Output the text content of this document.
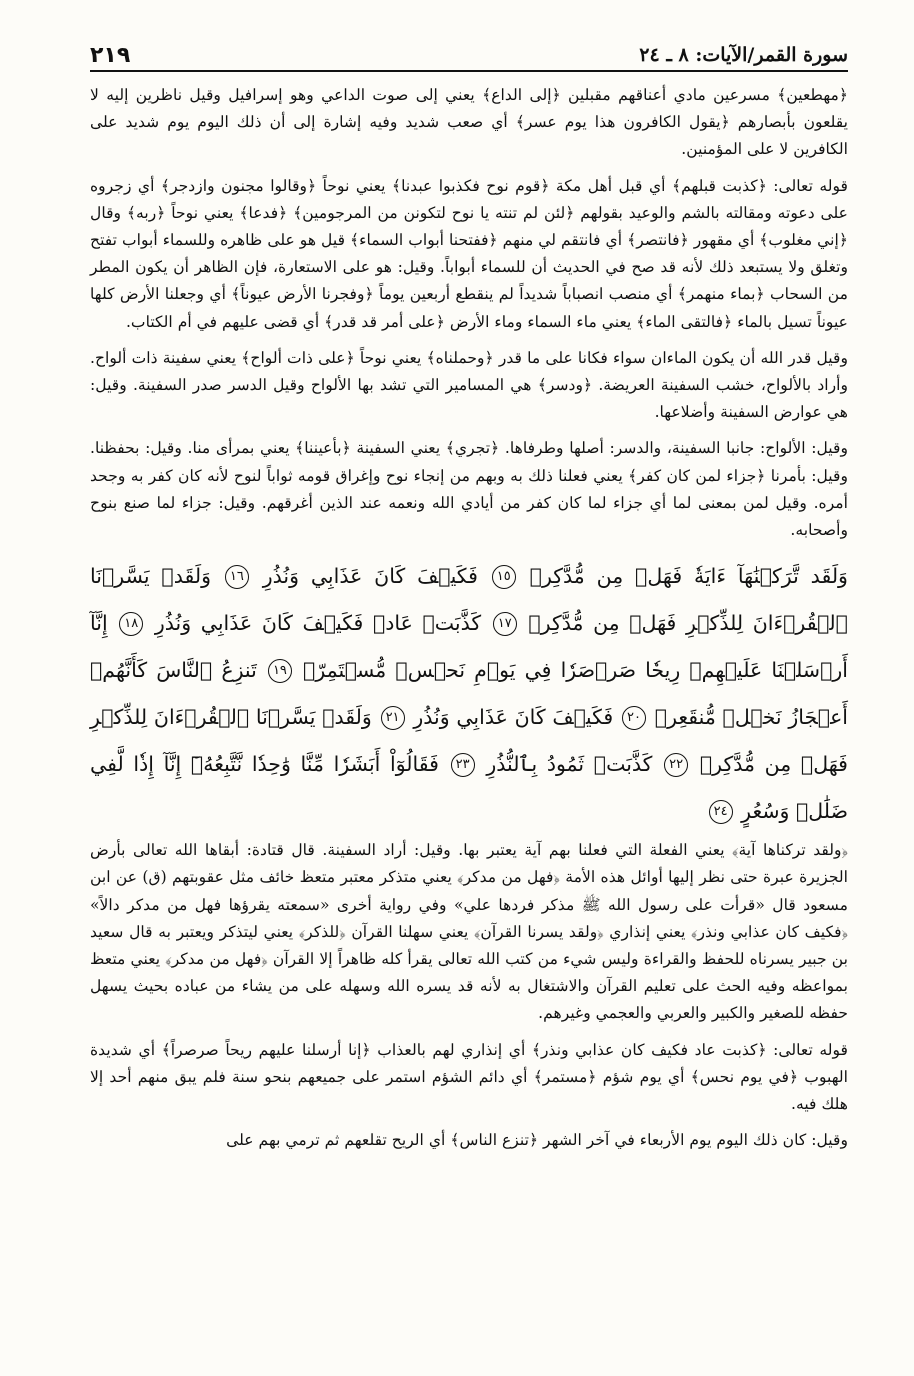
سورة القمر/الآيات: ٨ ـ ٢٤
٢١٩

﴿مهطعين﴾ مسرعين مادي أعناقهم مقبلين ﴿إلى الداع﴾ يعني إلى صوت الداعي وهو إسرافيل وقيل ناظرين إليه لا يقلعون بأبصارهم ﴿يقول الكافرون هذا يوم عسر﴾ أي صعب شديد وفيه إشارة إلى أن ذلك اليوم يوم شديد على الكافرين لا على المؤمنين.

قوله تعالى: ﴿كذبت قبلهم﴾ أي قبل أهل مكة ﴿قوم نوح فكذبوا عبدنا﴾ يعني نوحاً ﴿وقالوا مجنون وازدجر﴾ أي زجروه على دعوته ومقالته بالشم والوعيد بقولهم ﴿لئن لم تنته يا نوح لتكونن من المرجومين﴾ ﴿فدعا﴾ يعني نوحاً ﴿ربه﴾ وقال ﴿إني مغلوب﴾ أي مقهور ﴿فانتصر﴾ أي فانتقم لي منهم ﴿ففتحنا أبواب السماء﴾ قيل هو على ظاهره وللسماء أبواب تفتح وتغلق ولا يستبعد ذلك لأنه قد صح في الحديث أن للسماء أبواباً. وقيل: هو على الاستعارة، فإن الظاهر أن يكون المطر من السحاب ﴿بماء منهمر﴾ أي منصب انصباباً شديداً لم ينقطع أربعين يوماً ﴿وفجرنا الأرض عيوناً﴾ أي وجعلنا الأرض كلها عيوناً تسيل بالماء ﴿فالتقى الماء﴾ يعني ماء السماء وماء الأرض ﴿على أمر قد قدر﴾ أي قضى عليهم في أم الكتاب.

وقيل قدر الله أن يكون الماءان سواء فكانا على ما قدر ﴿وحملناه﴾ يعني نوحاً ﴿على ذات ألواح﴾ يعني سفينة ذات ألواح. وأراد بالألواح، خشب السفينة العريضة. ﴿ودسر﴾ هي المسامير التي تشد بها الألواح وقيل الدسر صدر السفينة. وقيل: هي عوارض السفينة وأضلاعها.

وقيل: الألواح: جانبا السفينة، والدسر: أصلها وطرفاها. ﴿تجري﴾ يعني السفينة ﴿بأعيننا﴾ يعني بمرأى منا. وقيل: بحفظنا. وقيل: بأمرنا ﴿جزاء لمن كان كفر﴾ يعني فعلنا ذلك به وبهم من إنجاء نوح وإغراق قومه ثواباً لنوح لأنه كان كفر به وجحد أمره. وقيل لمن بمعنى لما أي جزاء لما كان كفر من أيادي الله ونعمه عند الذين أغرقهم. وقيل: جزاء لما صنع بنوح وأصحابه.

وَلَقَد تَّرَكۡنَٰهَآ ءَايَةٗ فَهَلۡ مِن مُّدَّكِرٖ ١٥ فَكَيۡفَ كَانَ عَذَابِي وَنُذُرِ ١٦ وَلَقَدۡ يَسَّرۡنَا ٱلۡقُرۡءَانَ لِلذِّكۡرِ فَهَلۡ مِن مُّدَّكِرٖ ١٧ كَذَّبَتۡ عَادٞ فَكَيۡفَ كَانَ عَذَابِي وَنُذُرِ ١٨ إِنَّآ أَرۡسَلۡنَا عَلَيۡهِمۡ رِيحٗا صَرۡصَرٗا فِي يَوۡمِ نَحۡسٖ مُّسۡتَمِرّٖ ١٩ تَنزِعُ ٱلنَّاسَ كَأَنَّهُمۡ أَعۡجَازُ نَخۡلٖ مُّنقَعِرٖ ٢٠ فَكَيۡفَ كَانَ عَذَابِي وَنُذُرِ ٢١ وَلَقَدۡ يَسَّرۡنَا ٱلۡقُرۡءَانَ لِلذِّكۡرِ فَهَلۡ مِن مُّدَّكِرٖ ٢٢ كَذَّبَتۡ ثَمُودُ بِٱلنُّذُرِ ٢٣ فَقَالُوٓاْ أَبَشَرٗا مِّنَّا وَٰحِدٗا نَّتَّبِعُهُۥٓ إِنَّآ إِذٗا لَّفِي ضَلَٰلٖ وَسُعُرٍ ٢٤

﴿ولقد تركناها آية﴾ يعني الفعلة التي فعلنا بهم آية يعتبر بها. وقيل: أراد السفينة. قال قتادة: أبقاها الله تعالى بأرض الجزيرة عبرة حتى نظر إليها أوائل هذه الأمة ﴿فهل من مدكر﴾ يعني متذكر معتبر متعظ خائف مثل عقوبتهم (ق) عن ابن مسعود قال «قرأت على رسول الله ﷺ مذكر فردها علي» وفي رواية أخرى «سمعته يقرؤها فهل من مدكر دالاً» ﴿فكيف كان عذابي ونذر﴾ يعني إنذاري ﴿ولقد يسرنا القرآن﴾ يعني سهلنا القرآن ﴿للذكر﴾ يعني ليتذكر ويعتبر به قال سعيد بن جبير يسرناه للحفظ والقراءة وليس شيء من كتب الله تعالى يقرأ كله ظاهراً إلا القرآن ﴿فهل من مدكر﴾ يعني متعظ بمواعظه وفيه الحث على تعليم القرآن والاشتغال به لأنه قد يسره الله وسهله على من يشاء من عباده بحيث يسهل حفظه للصغير والكبير والعربي والعجمي وغيرهم.

قوله تعالى: ﴿كذبت عاد فكيف كان عذابي ونذر﴾ أي إنذاري لهم بالعذاب ﴿إنا أرسلنا عليهم ريحاً صرصراً﴾ أي شديدة الهبوب ﴿في يوم نحس﴾ أي يوم شؤم ﴿مستمر﴾ أي دائم الشؤم استمر على جميعهم بنحو سنة فلم يبق منهم أحد إلا هلك فيه.

وقيل: كان ذلك اليوم يوم الأربعاء في آخر الشهر ﴿تنزع الناس﴾ أي الريح تقلعهم ثم ترمي بهم على
